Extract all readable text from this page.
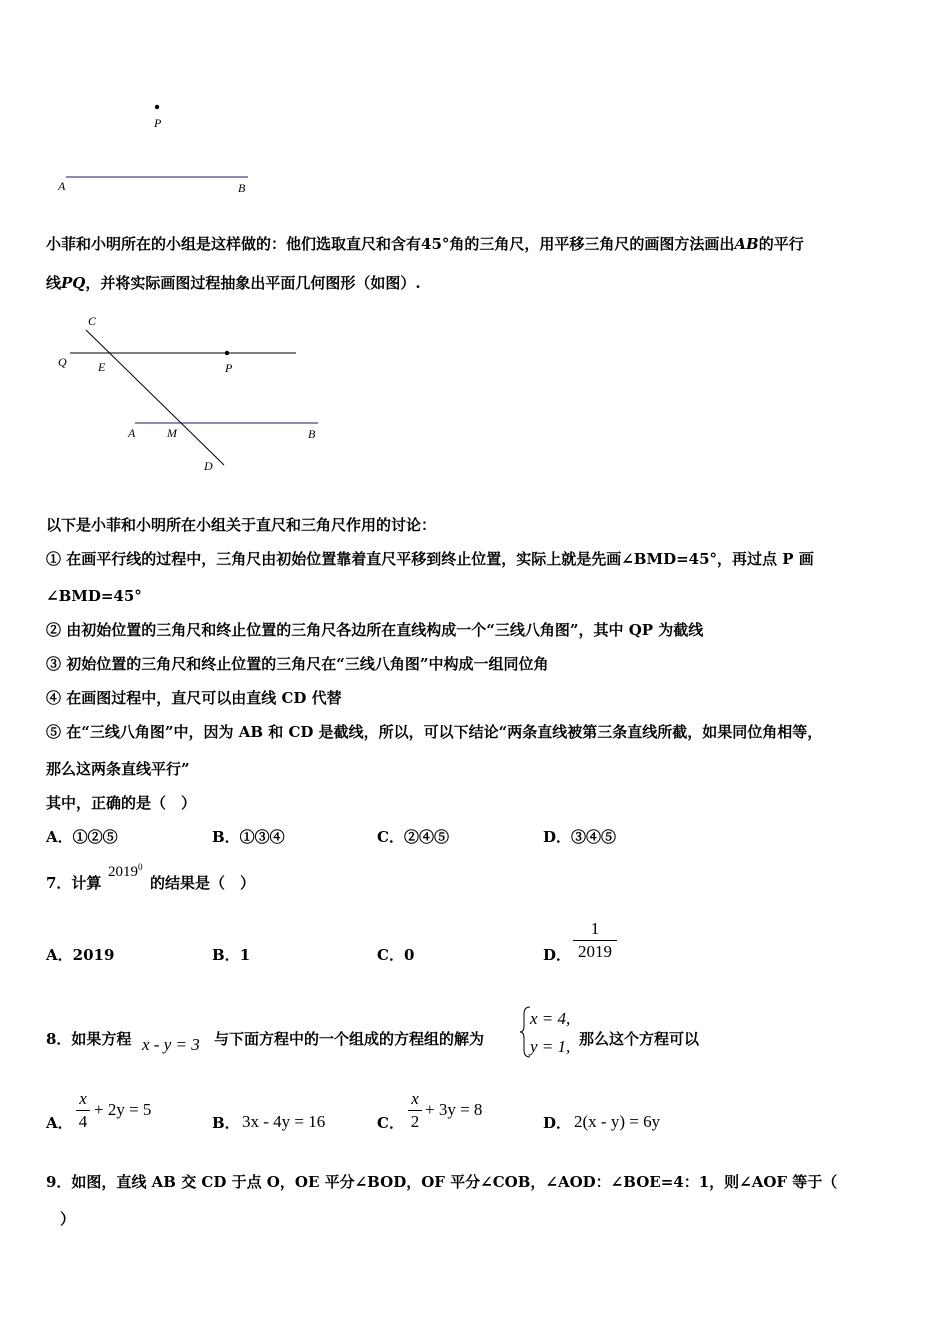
P
A	B
小菲和小明所在的小组是这样做的：他们选取直尺和含有45°角的三角尺，用平移三角尺的画图方法画出AB的平行
线PQ，并将实际画图过程抽象出平面几何图形（如图）.
C
Q	E	P
A	M	B
D
以下是小菲和小明所在小组关于直尺和三角尺作用的讨论：
① 在画平行线的过程中，三角尺由初始位置靠着直尺平移到终止位置，实际上就是先画∠BMD=45°，再过点 P 画
∠BMD=45°
② 由初始位置的三角尺和终止位置的三角尺各边所在直线构成一个“三线八角图”，其中 QP 为截线
③ 初始位置的三角尺和终止位置的三角尺在“三线八角图”中构成一组同位角
④ 在画图过程中，直尺可以由直线 CD 代替
⑤ 在“三线八角图”中，因为 AB 和 CD 是截线，所以，可以下结论“两条直线被第三条直线所截，如果同位角相等，
那么这两条直线平行”
其中，正确的是（　）
A．①②⑤	B．①③④	C．②④⑤	D．③④⑤
7．计算
2019$^0$
的结果是（　）
A．2019	B．1	C．0	D． $\frac{1}{2019}$
8．如果方程 x - y = 3 与下面方程中的一个组成的方程组的解为
x = 4,
y = 1, 那么这个方程可以
A． $\frac{x}{4} + 2y = 5$
B． 3x - 4y = 16	C． $\frac{x}{2} + 3y = 8$
D． 2(x - y) = 6y
9．如图，直线 AB 交 CD 于点 O，OE 平分∠BOD，OF 平分∠COB，∠AOD：∠BOE=4：1，则∠AOF 等于（
）
